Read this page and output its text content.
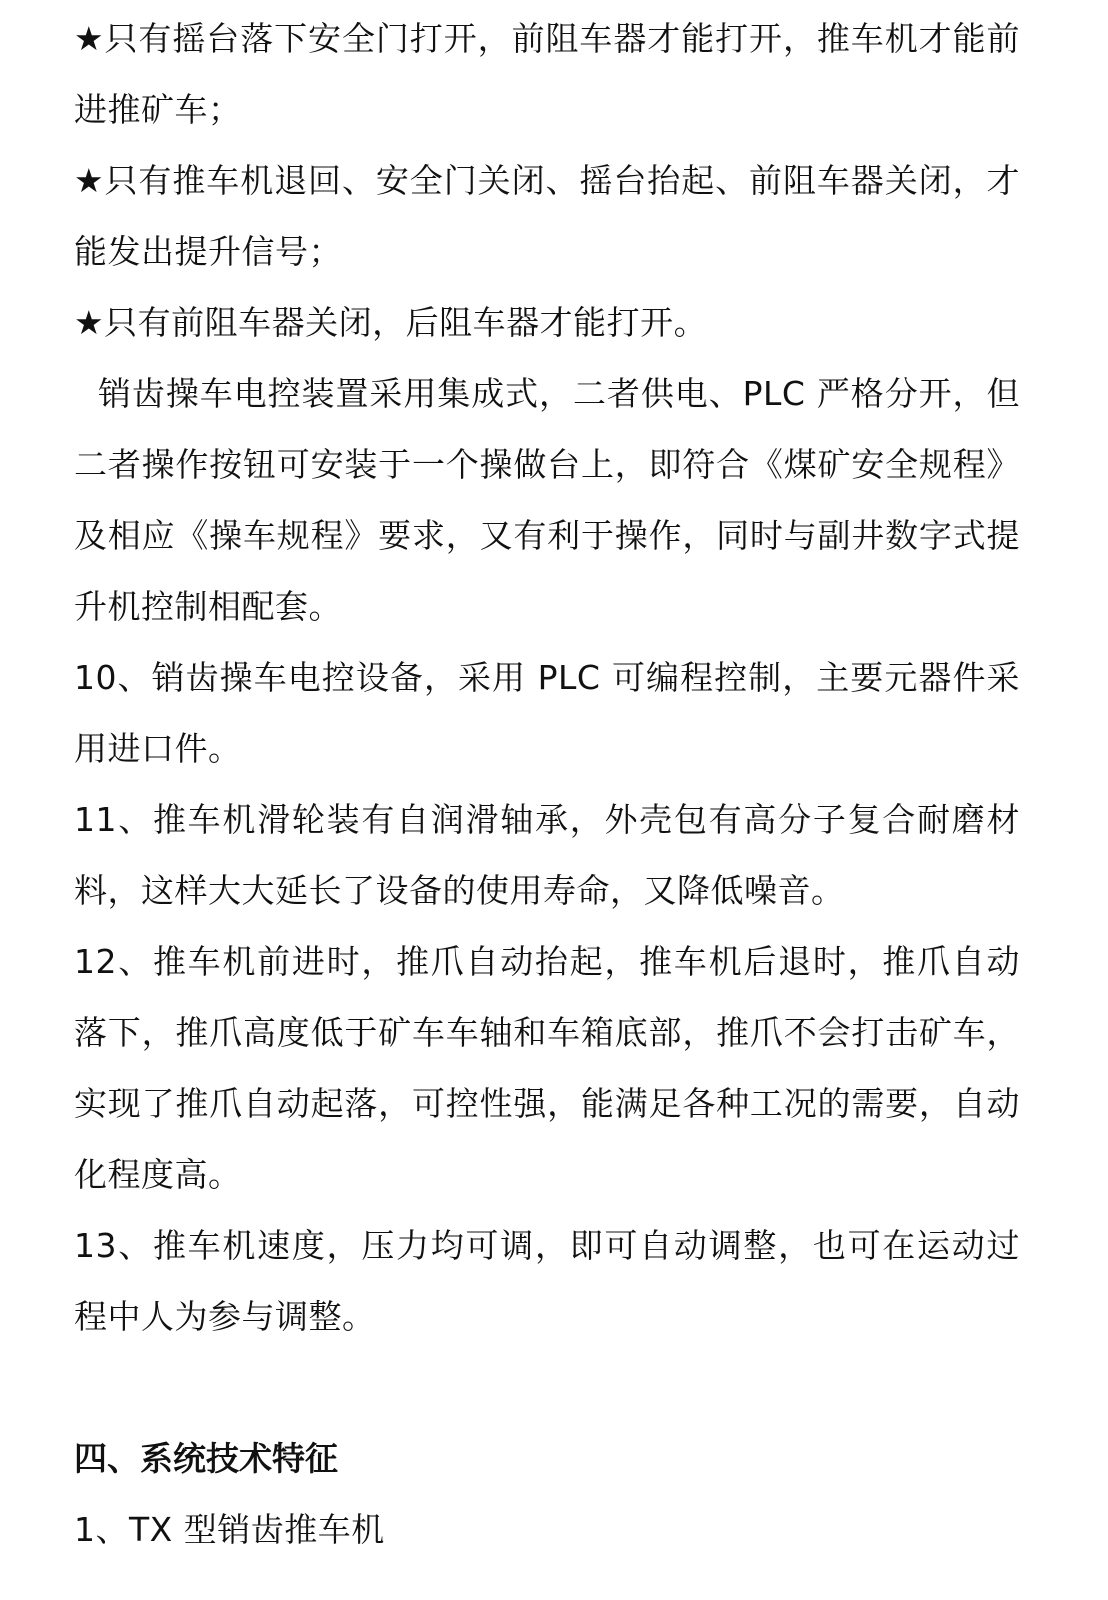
★只有摇台落下安全门打开，前阻车器才能打开，推车机才能前进推矿车；

★只有推车机退回、安全门关闭、摇台抬起、前阻车器关闭，才能发出提升信号；

★只有前阻车器关闭，后阻车器才能打开。

销齿操车电控装置采用集成式，二者供电、PLC 严格分开，但二者操作按钮可安装于一个操做台上，即符合《煤矿安全规程》及相应《操车规程》要求，又有利于操作，同时与副井数字式提升机控制相配套。

10、销齿操车电控设备，采用 PLC 可编程控制，主要元器件采用进口件。

11、推车机滑轮装有自润滑轴承，外壳包有高分子复合耐磨材料，这样大大延长了设备的使用寿命，又降低噪音。

12、推车机前进时，推爪自动抬起，推车机后退时，推爪自动落下，推爪高度低于矿车车轴和车箱底部，推爪不会打击矿车，实现了推爪自动起落，可控性强，能满足各种工况的需要，自动化程度高。

13、推车机速度，压力均可调，即可自动调整，也可在运动过程中人为参与调整。

四、系统技术特征

1、TX 型销齿推车机
